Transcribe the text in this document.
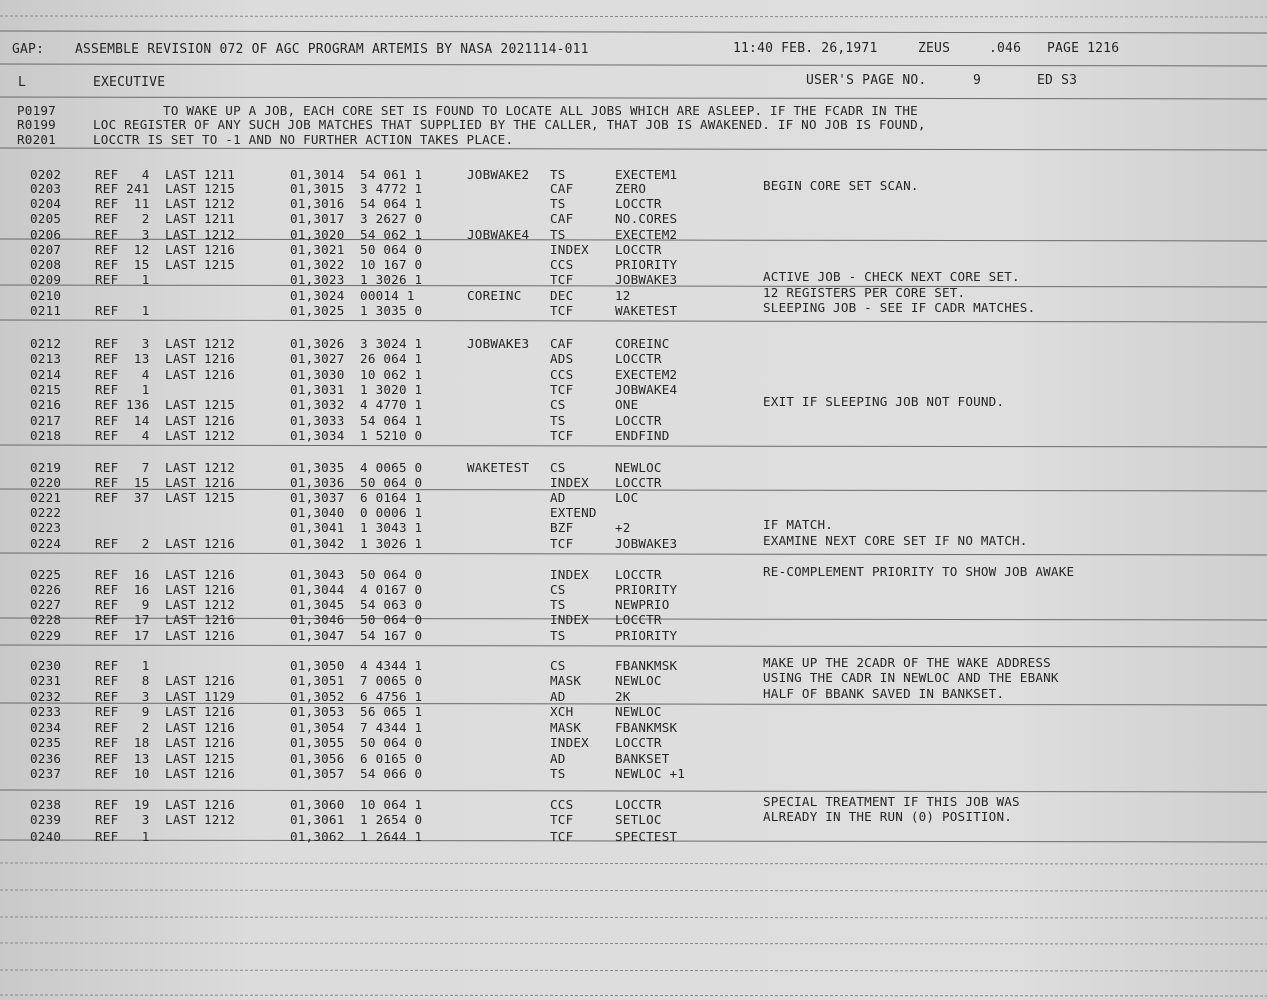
GAP: ASSEMBLE REVISION 072 OF AGC PROGRAM ARTEMIS BY NASA 2021114-011	11:40 FEB. 26,1971	ZEUS	.046 PAGE 1216
L	EXECUTIVE	USER'S PAGE NO.	9	ED S3
P0197	TO WAKE UP A JOB, EACH CORE SET IS FOUND TO LOCATE ALL JOBS WHICH ARE ASLEEP. IF THE FCADR IN THE
R0199	LOC REGISTER OF ANY SUCH JOB MATCHES THAT SUPPLIED BY THE CALLER, THAT JOB IS AWAKENED. IF NO JOB IS FOUND,
R0201	LOCCTR IS SET TO -1 AND NO FURTHER ACTION TAKES PLACE.
0202	REF   4  LAST 1211	01,3014  54 061 1	JOBWAKE2 TS	EXECTEM1
0203	REF 241  LAST 1215	01,3015  3 4772 1	CAF	ZERO	BEGIN CORE SET SCAN.
0204	REF  11  LAST 1212	01,3016  54 064 1	TS	LOCCTR
0205	REF   2  LAST 1211	01,3017  3 2627 0	CAF	NO.CORES
0206	REF   3  LAST 1212	01,3020  54 062 1	JOBWAKE4 TS	EXECTEM2
0207	REF  12  LAST 1216	01,3021  50 064 0	INDEX LOCCTR
0208	REF  15  LAST 1215	01,3022  10 167 0	CCS	PRIORITY
0209	REF   1	01,3023  1 3026 1	TCF	JOBWAKE3	ACTIVE JOB - CHECK NEXT CORE SET.
0210	01,3024  00014 1	COREINC DEC	12	12 REGISTERS PER CORE SET.
0211	REF   1	01,3025  1 3035 0	TCF	WAKETEST	SLEEPING JOB - SEE IF CADR MATCHES.
0212	REF   3  LAST 1212	01,3026  3 3024 1	JOBWAKE3 CAF	COREINC
0213	REF  13  LAST 1216	01,3027  26 064 1	ADS	LOCCTR
0214	REF   4  LAST 1216	01,3030  10 062 1	CCS	EXECTEM2
0215	REF   1	01,3031  1 3020 1	TCF	JOBWAKE4
0216	REF 136  LAST 1215	01,3032  4 4770 1	CS	ONE	EXIT IF SLEEPING JOB NOT FOUND.
0217	REF  14  LAST 1216	01,3033  54 064 1	TS	LOCCTR
0218	REF   4  LAST 1212	01,3034  1 5210 0	TCF	ENDFIND
0219	REF   7  LAST 1212	01,3035  4 0065 0	WAKETEST CS	NEWLOC
0220	REF  15  LAST 1216	01,3036  50 064 0	INDEX LOCCTR
0221	REF  37  LAST 1215	01,3037  6 0164 1	AD	LOC
0222	01,3040  0 0006 1	EXTEND
0223	01,3041  1 3043 1	BZF	+2	IF MATCH.
0224	REF   2  LAST 1216	01,3042  1 3026 1	TCF	JOBWAKE3	EXAMINE NEXT CORE SET IF NO MATCH.
0225	REF  16  LAST 1216	01,3043  50 064 0	INDEX LOCCTR	RE-COMPLEMENT PRIORITY TO SHOW JOB AWAKE
0226	REF  16  LAST 1216	01,3044  4 0167 0	CS	PRIORITY
0227	REF   9  LAST 1212	01,3045  54 063 0	TS	NEWPRIO
0228	REF  17  LAST 1216	01,3046  50 064 0	INDEX LOCCTR
0229	REF  17  LAST 1216	01,3047  54 167 0	TS	PRIORITY
0230	REF   1	01,3050  4 4344 1	CS	FBANKMSK	MAKE UP THE 2CADR OF THE WAKE ADDRESS
0231	REF   8  LAST 1216	01,3051  7 0065 0	MASK	NEWLOC	USING THE CADR IN NEWLOC AND THE EBANK
0232	REF   3  LAST 1129	01,3052  6 4756 1	AD	2K	HALF OF BBANK SAVED IN BANKSET.
0233	REF   9  LAST 1216	01,3053  56 065 1	XCH	NEWLOC
0234	REF   2  LAST 1216	01,3054  7 4344 1	MASK	FBANKMSK
0235	REF  18  LAST 1216	01,3055  50 064 0	INDEX LOCCTR
0236	REF  13  LAST 1215	01,3056  6 0165 0	AD	BANKSET
0237	REF  10  LAST 1216	01,3057  54 066 0	TS	NEWLOC +1
0238	REF  19  LAST 1216	01,3060  10 064 1	CCS	LOCCTR	SPECIAL TREATMENT IF THIS JOB WAS
0239	REF   3  LAST 1212	01,3061  1 2654 0	TCF	SETLOC	ALREADY IN THE RUN (0) POSITION.
0240	REF   1	01,3062  1 2644 1	TCF	SPECTEST
